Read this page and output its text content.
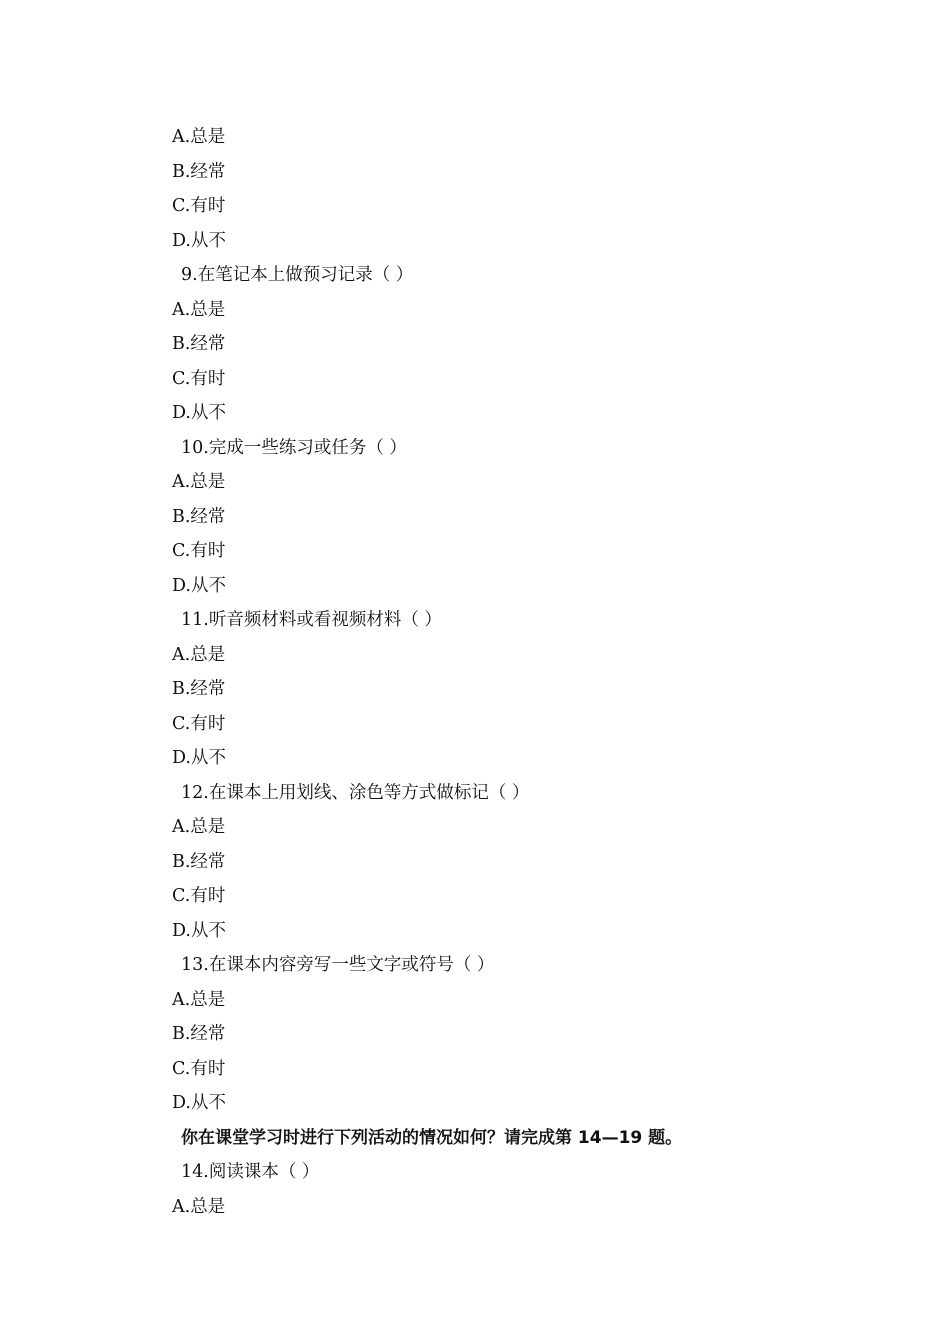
A.总是
B.经常
C.有时
D.从不
9.在笔记本上做预习记录（ ）
A.总是
B.经常
C.有时
D.从不
10.完成一些练习或任务（ ）
A.总是
B.经常
C.有时
D.从不
11.听音频材料或看视频材料（ ）
A.总是
B.经常
C.有时
D.从不
12.在课本上用划线、涂色等方式做标记（ ）
A.总是
B.经常
C.有时
D.从不
13.在课本内容旁写一些文字或符号（ ）
A.总是
B.经常
C.有时
D.从不
你在课堂学习时进行下列活动的情况如何？请完成第 14—19 题。
14.阅读课本（ ）
A.总是
